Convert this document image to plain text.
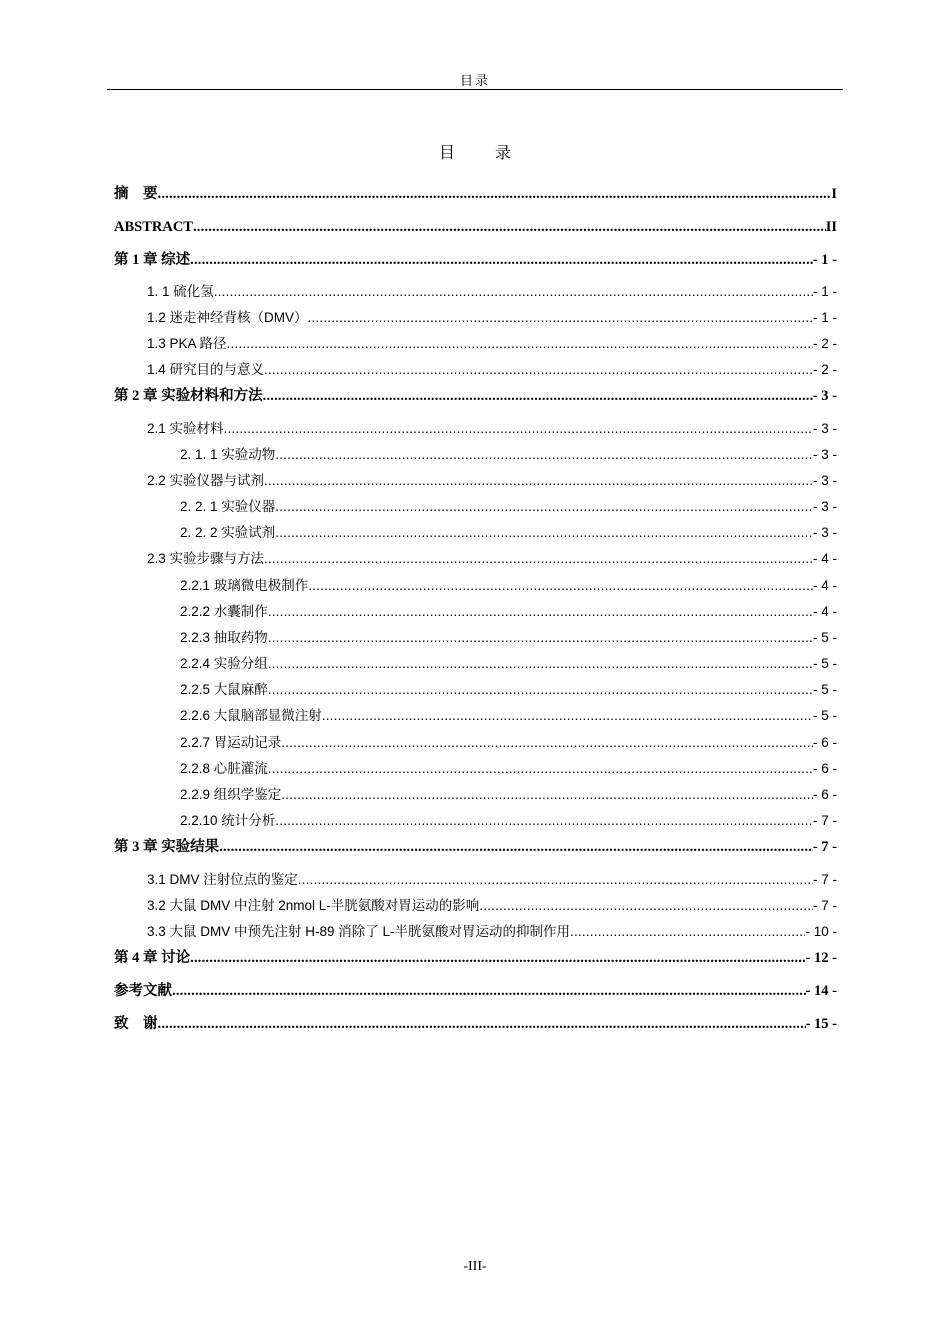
目录
目　录
摘　要 .....	I
ABSTRACT .....	II
第 1 章 综述 .....	- 1 -
1. 1 硫化氢 .....	- 1 -
1.2 迷走神经背核（DMV） .....	- 1 -
1.3 PKA 路径 .....	- 2 -
1.4 研究目的与意义 .....	- 2 -
第 2 章 实验材料和方法 .....	- 3 -
2.1 实验材料 .....	- 3 -
2. 1. 1 实验动物 .....	- 3 -
2.2 实验仪器与试剂 .....	- 3 -
2. 2. 1 实验仪器 .....	- 3 -
2. 2. 2 实验试剂 .....	- 3 -
2.3 实验步骤与方法 .....	- 4 -
2.2.1 玻璃微电极制作 .....	- 4 -
2.2.2 水囊制作 .....	- 4 -
2.2.3 抽取药物 .....	- 5 -
2.2.4 实验分组 .....	- 5 -
2.2.5 大鼠麻醉 .....	- 5 -
2.2.6 大鼠脑部显微注射 .....	- 5 -
2.2.7 胃运动记录 .....	- 6 -
2.2.8 心脏灌流 .....	- 6 -
2.2.9 组织学鉴定 .....	- 6 -
2.2.10 统计分析 .....	- 7 -
第 3 章 实验结果 .....	- 7 -
3.1 DMV 注射位点的鉴定 .....	- 7 -
3.2 大鼠 DMV 中注射 2nmol L-半胱氨酸对胃运动的影响 .....	- 7 -
3.3 大鼠 DMV 中预先注射 H-89 消除了 L-半胱氨酸对胃运动的抑制作用 .....	- 10 -
第 4 章 讨论 .....	- 12 -
参考文献 .....	- 14 -
致　谢 .....	- 15 -
-III-
